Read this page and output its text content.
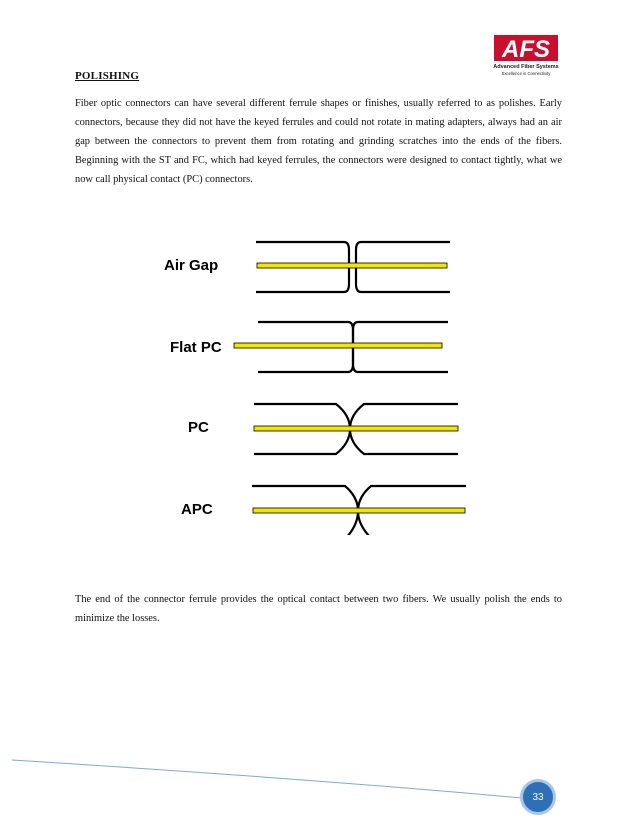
AFS
Advanced Fiber Systems
Excellence in Connectivity
POLISHING

Fiber optic connectors can have several different ferrule shapes or finishes, usually referred to as polishes. Early connectors, because they did not have the keyed ferrules and could not rotate in mating adapters, always had an air gap between the connectors to prevent them from rotating and grinding scratches into the ends of the fibers. Beginning with the ST and FC, which had keyed ferrules, the connectors were designed to contact tightly, what we now call physical contact (PC) connectors.

Air Gap
Flat PC
PC
APC

The end of the connector ferrule provides the optical contact between two fibers. We usually polish the ends to minimize the losses.

33
